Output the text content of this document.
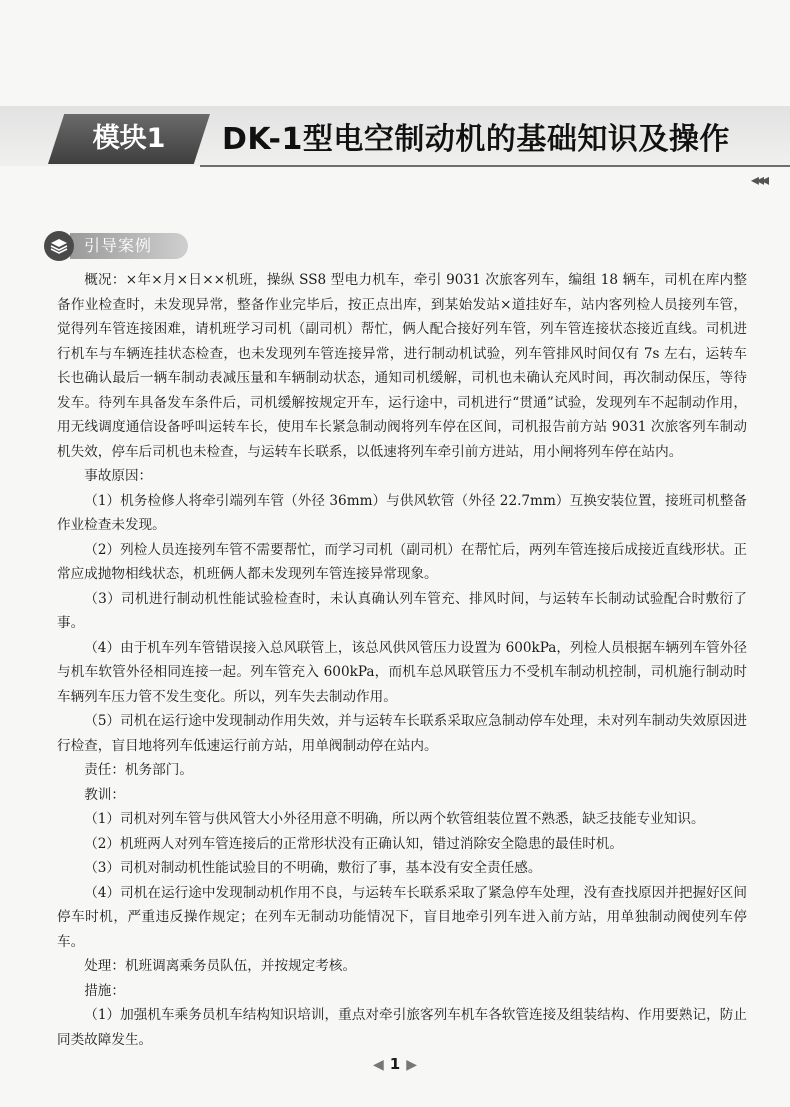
模块1	DK-1型电空制动机的基础知识及操作
◂◂◂
引导案例

概况：×年×月×日××机班，操纵 SS8 型电力机车，牵引 9031 次旅客列车，编组 18 辆车，司机在库内整备作业检查时，未发现异常，整备作业完毕后，按正点出库，到某始发站×道挂好车，站内客列检人员接列车管，觉得列车管连接困难，请机班学习司机（副司机）帮忙，俩人配合接好列车管，列车管连接状态接近直线。司机进行机车与车辆连挂状态检查，也未发现列车管连接异常，进行制动机试验，列车管排风时间仅有 7s 左右，运转车长也确认最后一辆车制动表减压量和车辆制动状态，通知司机缓解，司机也未确认充风时间，再次制动保压，等待发车。待列车具备发车条件后，司机缓解按规定开车，运行途中，司机进行“贯通”试验，发现列车不起制动作用，用无线调度通信设备呼叫运转车长，使用车长紧急制动阀将列车停在区间，司机报告前方站 9031 次旅客列车制动机失效，停车后司机也未检查，与运转车长联系，以低速将列车牵引前方进站，用小闸将列车停在站内。

事故原因：

（1）机务检修人将牵引端列车管（外径 36mm）与供风软管（外径 22.7mm）互换安装位置，接班司机整备作业检查未发现。

（2）列检人员连接列车管不需要帮忙，而学习司机（副司机）在帮忙后，两列车管连接后成接近直线形状。正常应成抛物相线状态，机班俩人都未发现列车管连接异常现象。

（3）司机进行制动机性能试验检查时，未认真确认列车管充、排风时间，与运转车长制动试验配合时敷衍了事。

（4）由于机车列车管错误接入总风联管上，该总风供风管压力设置为 600kPa，列检人员根据车辆列车管外径与机车软管外径相同连接一起。列车管充入 600kPa，而机车总风联管压力不受机车制动机控制，司机施行制动时车辆列车压力管不发生变化。所以，列车失去制动作用。

（5）司机在运行途中发现制动作用失效，并与运转车长联系采取应急制动停车处理，未对列车制动失效原因进行检查，盲目地将列车低速运行前方站，用单阀制动停在站内。

责任：机务部门。

教训：

（1）司机对列车管与供风管大小外径用意不明确，所以两个软管组装位置不熟悉，缺乏技能专业知识。

（2）机班两人对列车管连接后的正常形状没有正确认知，错过消除安全隐患的最佳时机。

（3）司机对制动机性能试验目的不明确，敷衍了事，基本没有安全责任感。

（4）司机在运行途中发现制动机作用不良，与运转车长联系采取了紧急停车处理，没有查找原因并把握好区间停车时机，严重违反操作规定；在列车无制动功能情况下，盲目地牵引列车进入前方站，用单独制动阀使列车停车。

处理：机班调离乘务员队伍，并按规定考核。

措施：

（1）加强机车乘务员机车结构知识培训，重点对牵引旅客列车机车各软管连接及组装结构、作用要熟记，防止同类故障发生。

◀ 1 ▶
